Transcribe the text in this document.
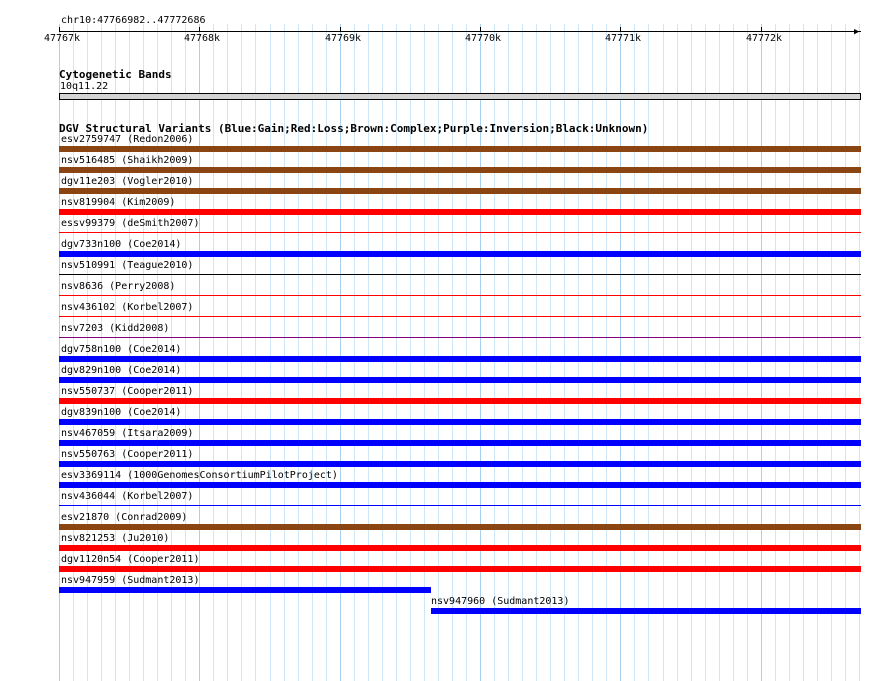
chr10:47766982..47772686
▶
47767k	47768k	47769k	47770k	47771k	47772k
Cytogenetic Bands
10q11.22
DGV Structural Variants (Blue:Gain;Red:Loss;Brown:Complex;Purple:Inversion;Black:Unknown)
esv2759747 (Redon2006)
nsv516485 (Shaikh2009)
dgv11e203 (Vogler2010)
nsv819904 (Kim2009)
essv99379 (deSmith2007)
dgv733n100 (Coe2014)
nsv510991 (Teague2010)
nsv8636 (Perry2008)
nsv436102 (Korbel2007)
nsv7203 (Kidd2008)
dgv758n100 (Coe2014)
dgv829n100 (Coe2014)
nsv550737 (Cooper2011)
dgv839n100 (Coe2014)
nsv467059 (Itsara2009)
nsv550763 (Cooper2011)
esv3369114 (1000GenomesConsortiumPilotProject)
nsv436044 (Korbel2007)
esv21870 (Conrad2009)
nsv821253 (Ju2010)
dgv1120n54 (Cooper2011)
nsv947959 (Sudmant2013)
nsv947960 (Sudmant2013)
